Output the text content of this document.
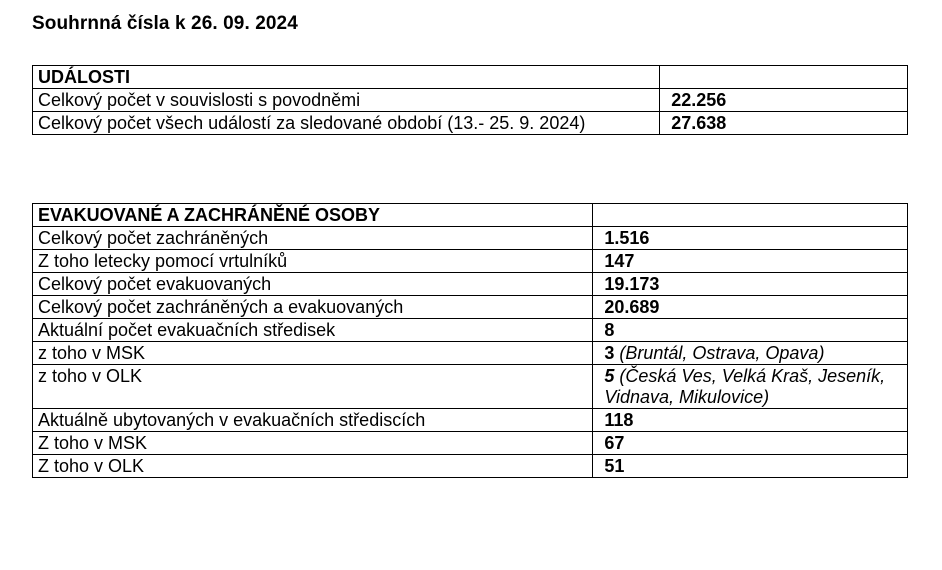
Souhrnná čísla k 26. 09. 2024
UDÁLOSTI	
Celkový počet v souvislosti s povodněmi	22.256
Celkový počet všech událostí za sledované období (13.- 25. 9. 2024)	27.638
EVAKUOVANÉ A ZACHRÁNĚNÉ OSOBY	
Celkový počet zachráněných	1.516
Z toho letecky pomocí vrtulníků	147
Celkový počet evakuovaných	19.173
Celkový počet zachráněných a evakuovaných	20.689
Aktuální počet evakuačních středisek	8
z toho v MSK	3 (Bruntál, Ostrava, Opava)
z toho v OLK	5 (Česká Ves, Velká Kraš, Jeseník, Vidnava, Mikulovice)
Aktuálně ubytovaných v evakuačních střediscích	118
Z toho v MSK	67
Z toho v OLK	51
